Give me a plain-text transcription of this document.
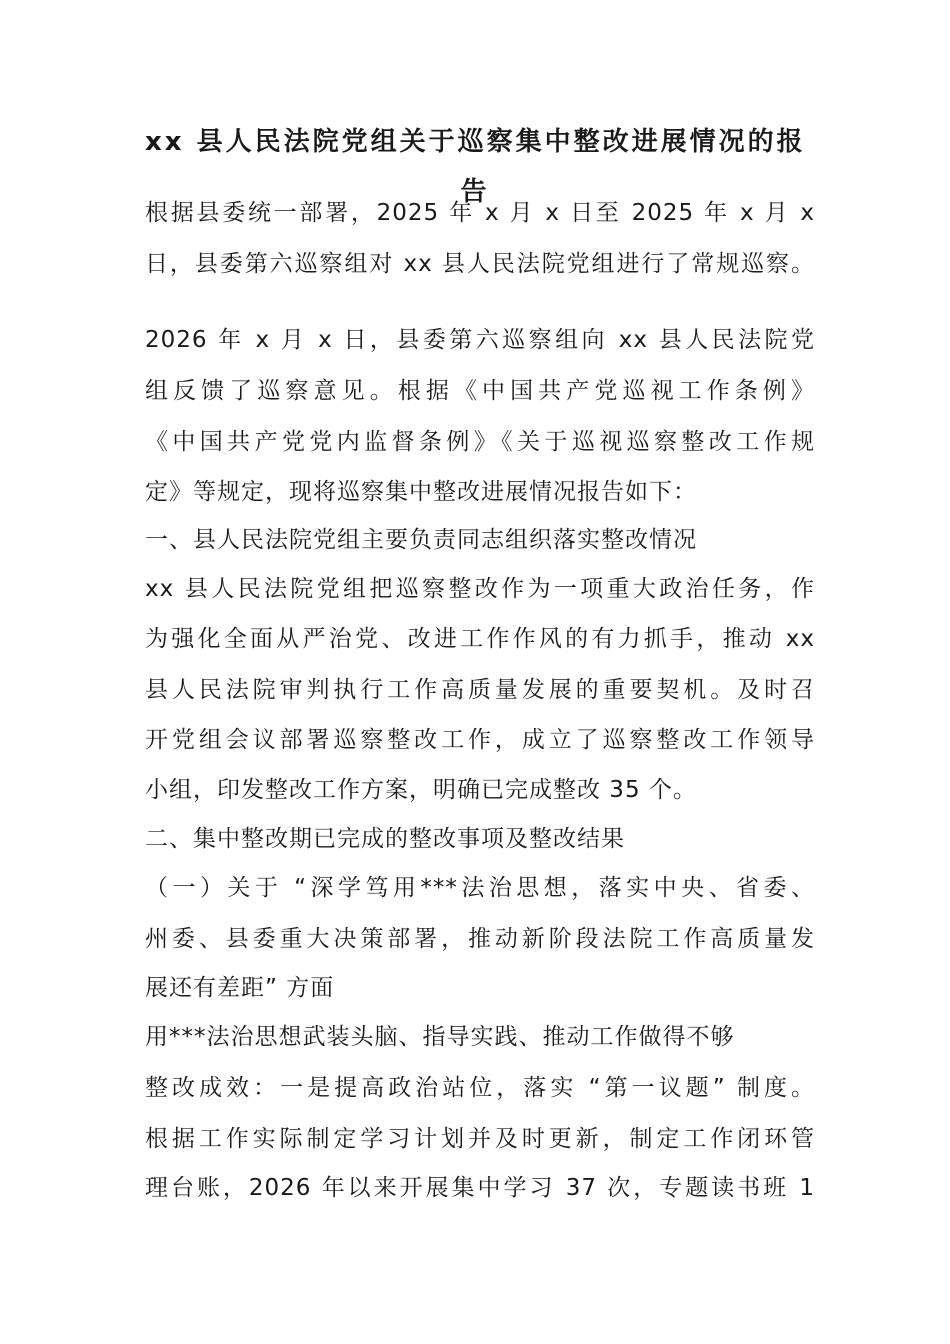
xx 县人民法院党组关于巡察集中整改进展情况的报
告
根据县委统一部署，2025 年 x 月 x 日至 2025 年 x 月 x
日，县委第六巡察组对 xx 县人民法院党组进行了常规巡察。
2026 年 x 月 x 日，县委第六巡察组向 xx 县人民法院党
组反馈了巡察意见。根据《中国共产党巡视工作条例》
《中国共产党党内监督条例》《关于巡视巡察整改工作规
定》等规定，现将巡察集中整改进展情况报告如下：
一、县人民法院党组主要负责同志组织落实整改情况
xx 县人民法院党组把巡察整改作为一项重大政治任务，作
为强化全面从严治党、改进工作作风的有力抓手，推动 xx
县人民法院审判执行工作高质量发展的重要契机。及时召
开党组会议部署巡察整改工作，成立了巡察整改工作领导
小组，印发整改工作方案，明确已完成整改 35 个。
二、集中整改期已完成的整改事项及整改结果
（一）关于 “深学笃用***法治思想，落实中央、省委、
州委、县委重大决策部署，推动新阶段法院工作高质量发
展还有差距” 方面
用***法治思想武装头脑、指导实践、推动工作做得不够
整改成效：一是提高政治站位，落实 “第一议题” 制度。
根据工作实际制定学习计划并及时更新，制定工作闭环管
理台账，2026 年以来开展集中学习 37 次，专题读书班 1
